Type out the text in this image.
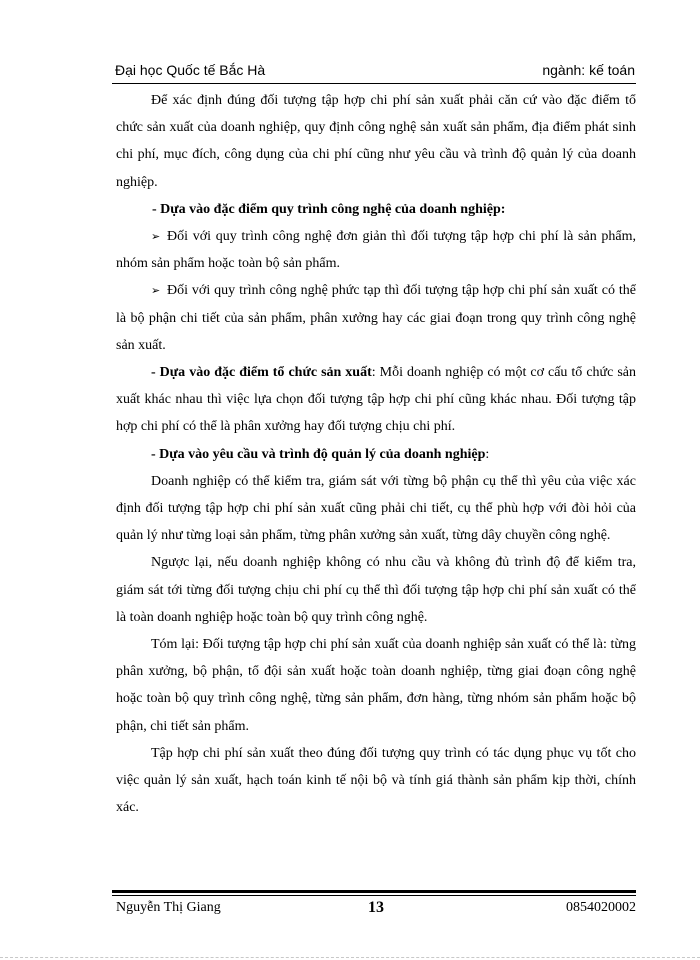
Đại học Quốc tế Bắc Hà	ngành: kế toán

Để xác định đúng đối tượng tập hợp chi phí sản xuất phải căn cứ vào đặc điểm tổ chức sản xuất của doanh nghiệp, quy định công nghệ sản xuất sản phẩm, địa điểm phát sinh chi phí, mục đích, công dụng của chi phí cũng như yêu cầu và trình độ quản lý của doanh nghiệp.

- Dựa vào đặc điểm quy trình công nghệ của doanh nghiệp:

➢ Đối với quy trình công nghệ đơn giản thì đối tượng tập hợp chi phí là sản phẩm, nhóm sản phẩm hoặc toàn bộ sản phẩm.

➢ Đối với quy trình công nghệ phức tạp thì đối tượng tập hợp chi phí sản xuất có thể là bộ phận chi tiết của sản phẩm, phân xưởng hay các giai đoạn trong quy trình công nghệ sản xuất.

- Dựa vào đặc điểm tổ chức sản xuất: Mỗi doanh nghiệp có một cơ cấu tổ chức sản xuất khác nhau thì việc lựa chọn đối tượng tập hợp chi phí cũng khác nhau. Đối tượng tập hợp chi phí có thể là phân xưởng hay đối tượng chịu chi phí.

- Dựa vào yêu cầu và trình độ quản lý của doanh nghiệp:

Doanh nghiệp có thể kiểm tra, giám sát với từng bộ phận cụ thể thì yêu của việc xác định đối tượng tập hợp chi phí sản xuất cũng phải chi tiết, cụ thể phù hợp với đòi hỏi của quản lý như từng loại sản phẩm, từng phân xưởng sản xuất, từng dây chuyền công nghệ.

Ngược lại, nếu doanh nghiệp không có nhu cầu và không đủ trình độ để kiểm tra, giám sát tới từng đối tượng chịu chi phí cụ thể thì đối tượng tập hợp chi phí sản xuất có thể là toàn doanh nghiệp hoặc toàn bộ quy trình công nghệ.

Tóm lại: Đối tượng tập hợp chi phí sản xuất của doanh nghiệp sản xuất có thể là: từng phân xưởng, bộ phận, tổ đội sản xuất hoặc toàn doanh nghiệp, từng giai đoạn công nghệ hoặc toàn bộ quy trình công nghệ, từng sản phẩm, đơn hàng, từng nhóm sản phẩm hoặc bộ phận, chi tiết sản phẩm.

Tập hợp chi phí sản xuất theo đúng đối tượng quy trình có tác dụng phục vụ tốt cho việc quản lý sản xuất, hạch toán kinh tế nội bộ và tính giá thành sản phẩm kịp thời, chính xác.

Nguyễn Thị Giang	13	0854020002
